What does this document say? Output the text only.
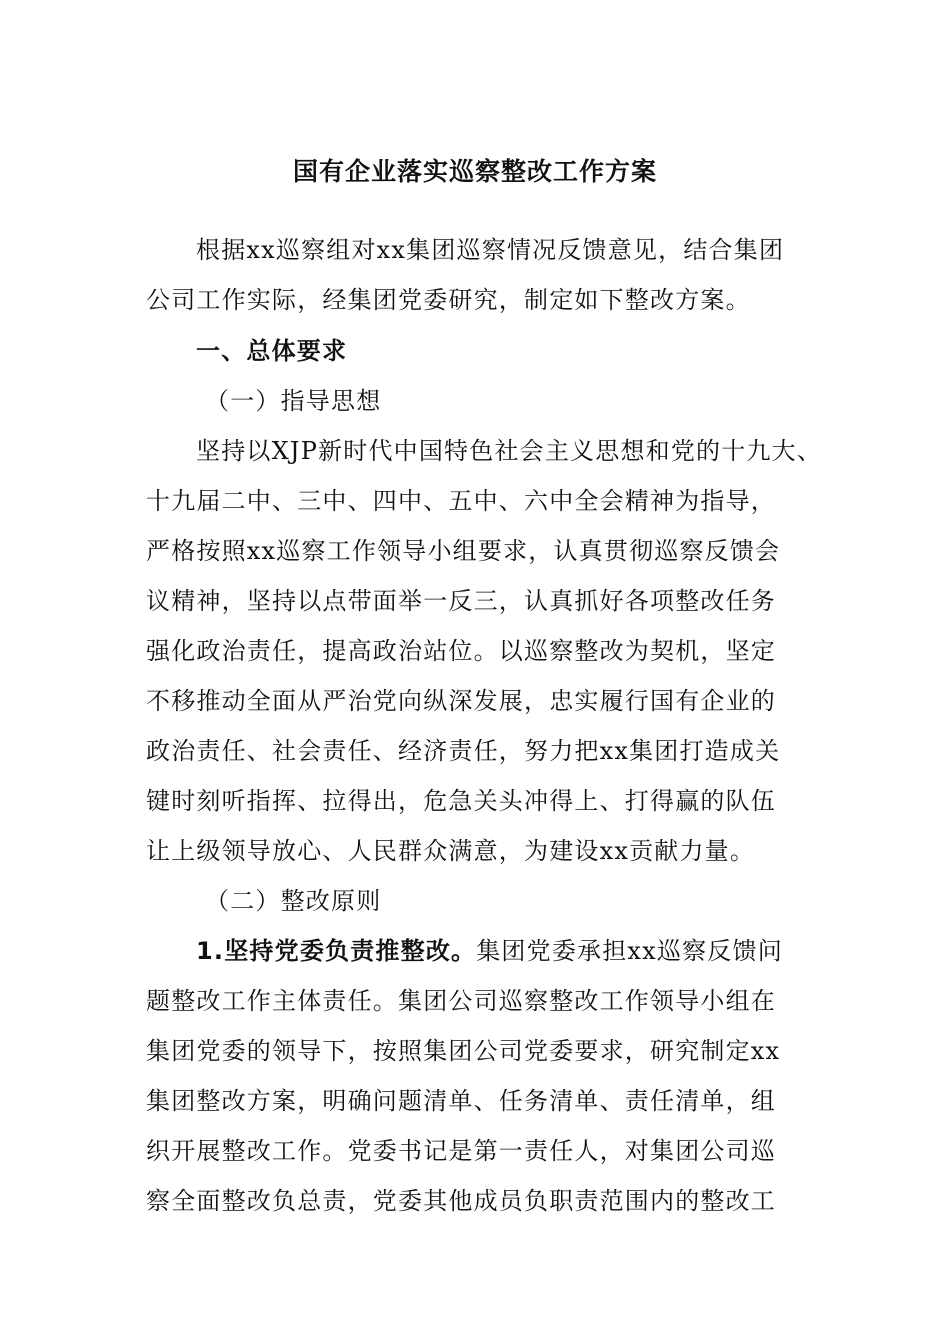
国有企业落实巡察整改工作方案
根据xx巡察组对xx集团巡察情况反馈意见，结合集团
公司工作实际，经集团党委研究，制定如下整改方案。
一、总体要求
（一）指导思想
坚持以XJP新时代中国特色社会主义思想和党的十九大、
十九届二中、三中、四中、五中、六中全会精神为指导，
严格按照xx巡察工作领导小组要求，认真贯彻巡察反馈会
议精神，坚持以点带面举一反三，认真抓好各项整改任务
强化政治责任，提高政治站位。以巡察整改为契机，坚定
不移推动全面从严治党向纵深发展，忠实履行国有企业的
政治责任、社会责任、经济责任，努力把xx集团打造成关
键时刻听指挥、拉得出，危急关头冲得上、打得赢的队伍
让上级领导放心、人民群众满意，为建设xx贡献力量。
（二）整改原则
1.坚持党委负责推整改。集团党委承担xx巡察反馈问
题整改工作主体责任。集团公司巡察整改工作领导小组在
集团党委的领导下，按照集团公司党委要求，研究制定xx
集团整改方案，明确问题清单、任务清单、责任清单，组
织开展整改工作。党委书记是第一责任人，对集团公司巡
察全面整改负总责，党委其他成员负职责范围内的整改工
